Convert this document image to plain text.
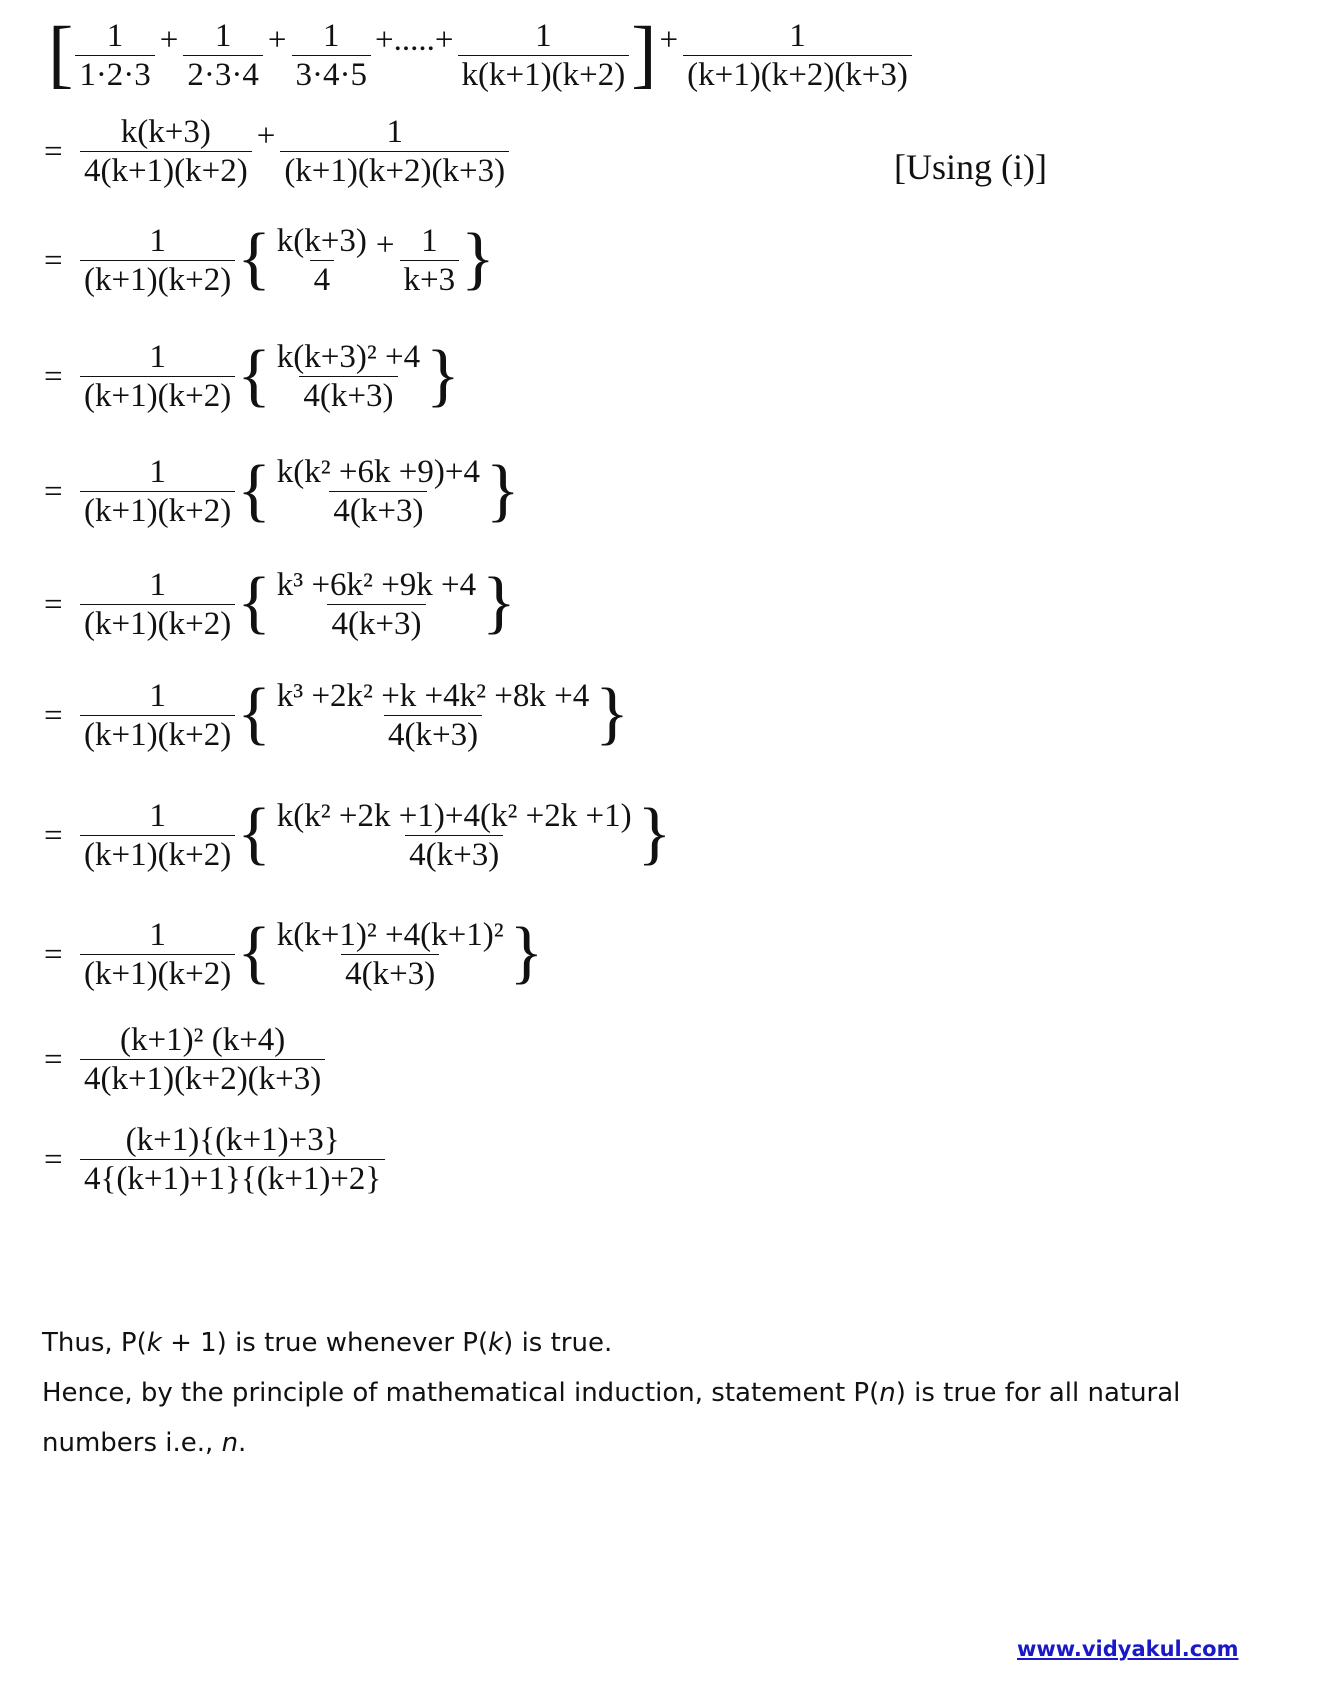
[ $\frac{1}{1\cdot 2\cdot 3} + \frac{1}{2\cdot 3\cdot 4} + \frac{1}{3\cdot 4\cdot 5}$ +.....+ $\frac{1}{k(k+1)(k+2)}$ ] + $\frac{1}{(k+1)(k+2)(k+3)}$
= $\frac{k(k+3)}{4(k+1)(k+2)} + \frac{1}{(k+1)(k+2)(k+3)}$	[Using (i)]
= $\frac{1}{(k+1)(k+2)}$ { $\frac{k(k+3)}{4} + \frac{1}{k+3}$ }
= $\frac{1}{(k+1)(k+2)}$ { $\frac{\text{k(k+3)² +4}}{4(k+3)}$ }
= $\frac{1}{(k+1)(k+2)}$ { $\frac{\text{k(k² +6k +9)+4}}{4(k+3)}$ }
= $\frac{1}{(k+1)(k+2)}$ { $\frac{\text{k³ +6k² +9k +4}}{4(k+3)}$ }
= $\frac{1}{(k+1)(k+2)}$ { $\frac{\text{k³ +2k² +k +4k² +8k +4}}{4(k+3)}$ }
= $\frac{1}{(k+1)(k+2)}$ { $\frac{\text{k(k² +2k +1)+4(k² +2k +1)}}{4(k+3)}$ }
= $\frac{1}{(k+1)(k+2)}$ { $\frac{\text{k(k+1)² +4(k+1)²}}{4(k+3)}$ }
= $\frac{\text{(k+1)² (k+4)}}{4(k+1)(k+2)(k+3)}$
= $\frac{(k+1)\{(k+1)+3\}}{4\{(k+1)+1\}\{(k+1)+2\}}$

Thus, P(k + 1) is true whenever P(k) is true.

Hence, by the principle of mathematical induction, statement P(n) is true for all natural numbers i.e., n.

www.vidyakul.com
